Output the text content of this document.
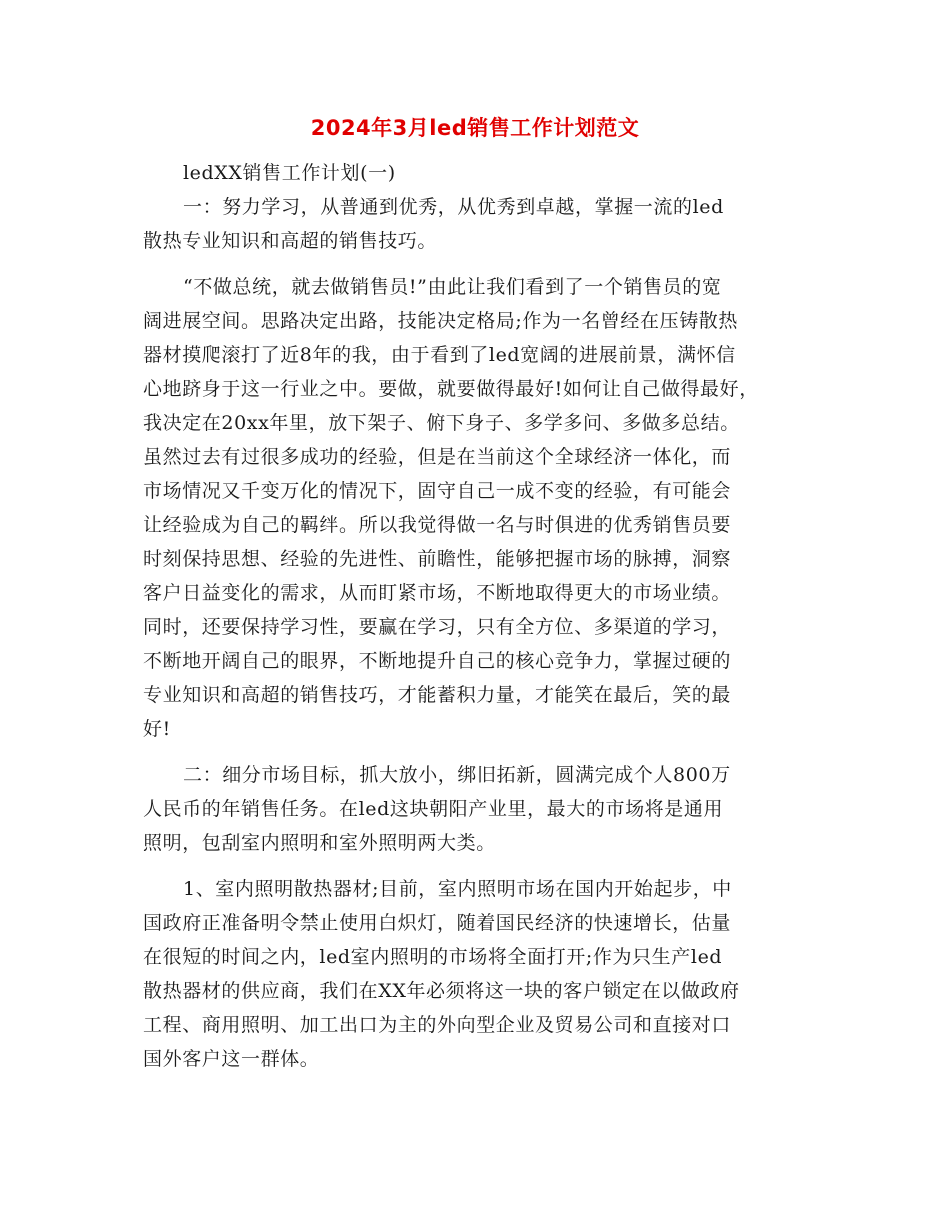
2024年3月led销售工作计划范文
ledXX销售工作计划(一)
一：努力学习，从普通到优秀，从优秀到卓越，掌握一流的led
散热专业知识和高超的销售技巧。
“不做总统，就去做销售员!”由此让我们看到了一个销售员的宽
阔进展空间。思路决定出路，技能决定格局;作为一名曾经在压铸散热
器材摸爬滚打了近8年的我，由于看到了led宽阔的进展前景，满怀信
心地跻身于这一行业之中。要做，就要做得最好!如何让自己做得最好，
我决定在20xx年里，放下架子、俯下身子、多学多问、多做多总结。
虽然过去有过很多成功的经验，但是在当前这个全球经济一体化，而
市场情况又千变万化的情况下，固守自己一成不变的经验，有可能会
让经验成为自己的羁绊。所以我觉得做一名与时俱进的优秀销售员要
时刻保持思想、经验的先进性、前瞻性，能够把握市场的脉搏，洞察
客户日益变化的需求，从而盯紧市场，不断地取得更大的市场业绩。
同时，还要保持学习性，要赢在学习，只有全方位、多渠道的学习，
不断地开阔自己的眼界，不断地提升自己的核心竞争力，掌握过硬的
专业知识和高超的销售技巧，才能蓄积力量，才能笑在最后，笑的最
好!
二：细分市场目标，抓大放小，绑旧拓新，圆满完成个人800万
人民币的年销售任务。在led这块朝阳产业里，最大的市场将是通用
照明，包刮室内照明和室外照明两大类。
1、室内照明散热器材;目前，室内照明市场在国内开始起步，中
国政府正准备明令禁止使用白炽灯，随着国民经济的快速增长，估量
在很短的时间之内，led室内照明的市场将全面打开;作为只生产led
散热器材的供应商，我们在XX年必须将这一块的客户锁定在以做政府
工程、商用照明、加工出口为主的外向型企业及贸易公司和直接对口
国外客户这一群体。
